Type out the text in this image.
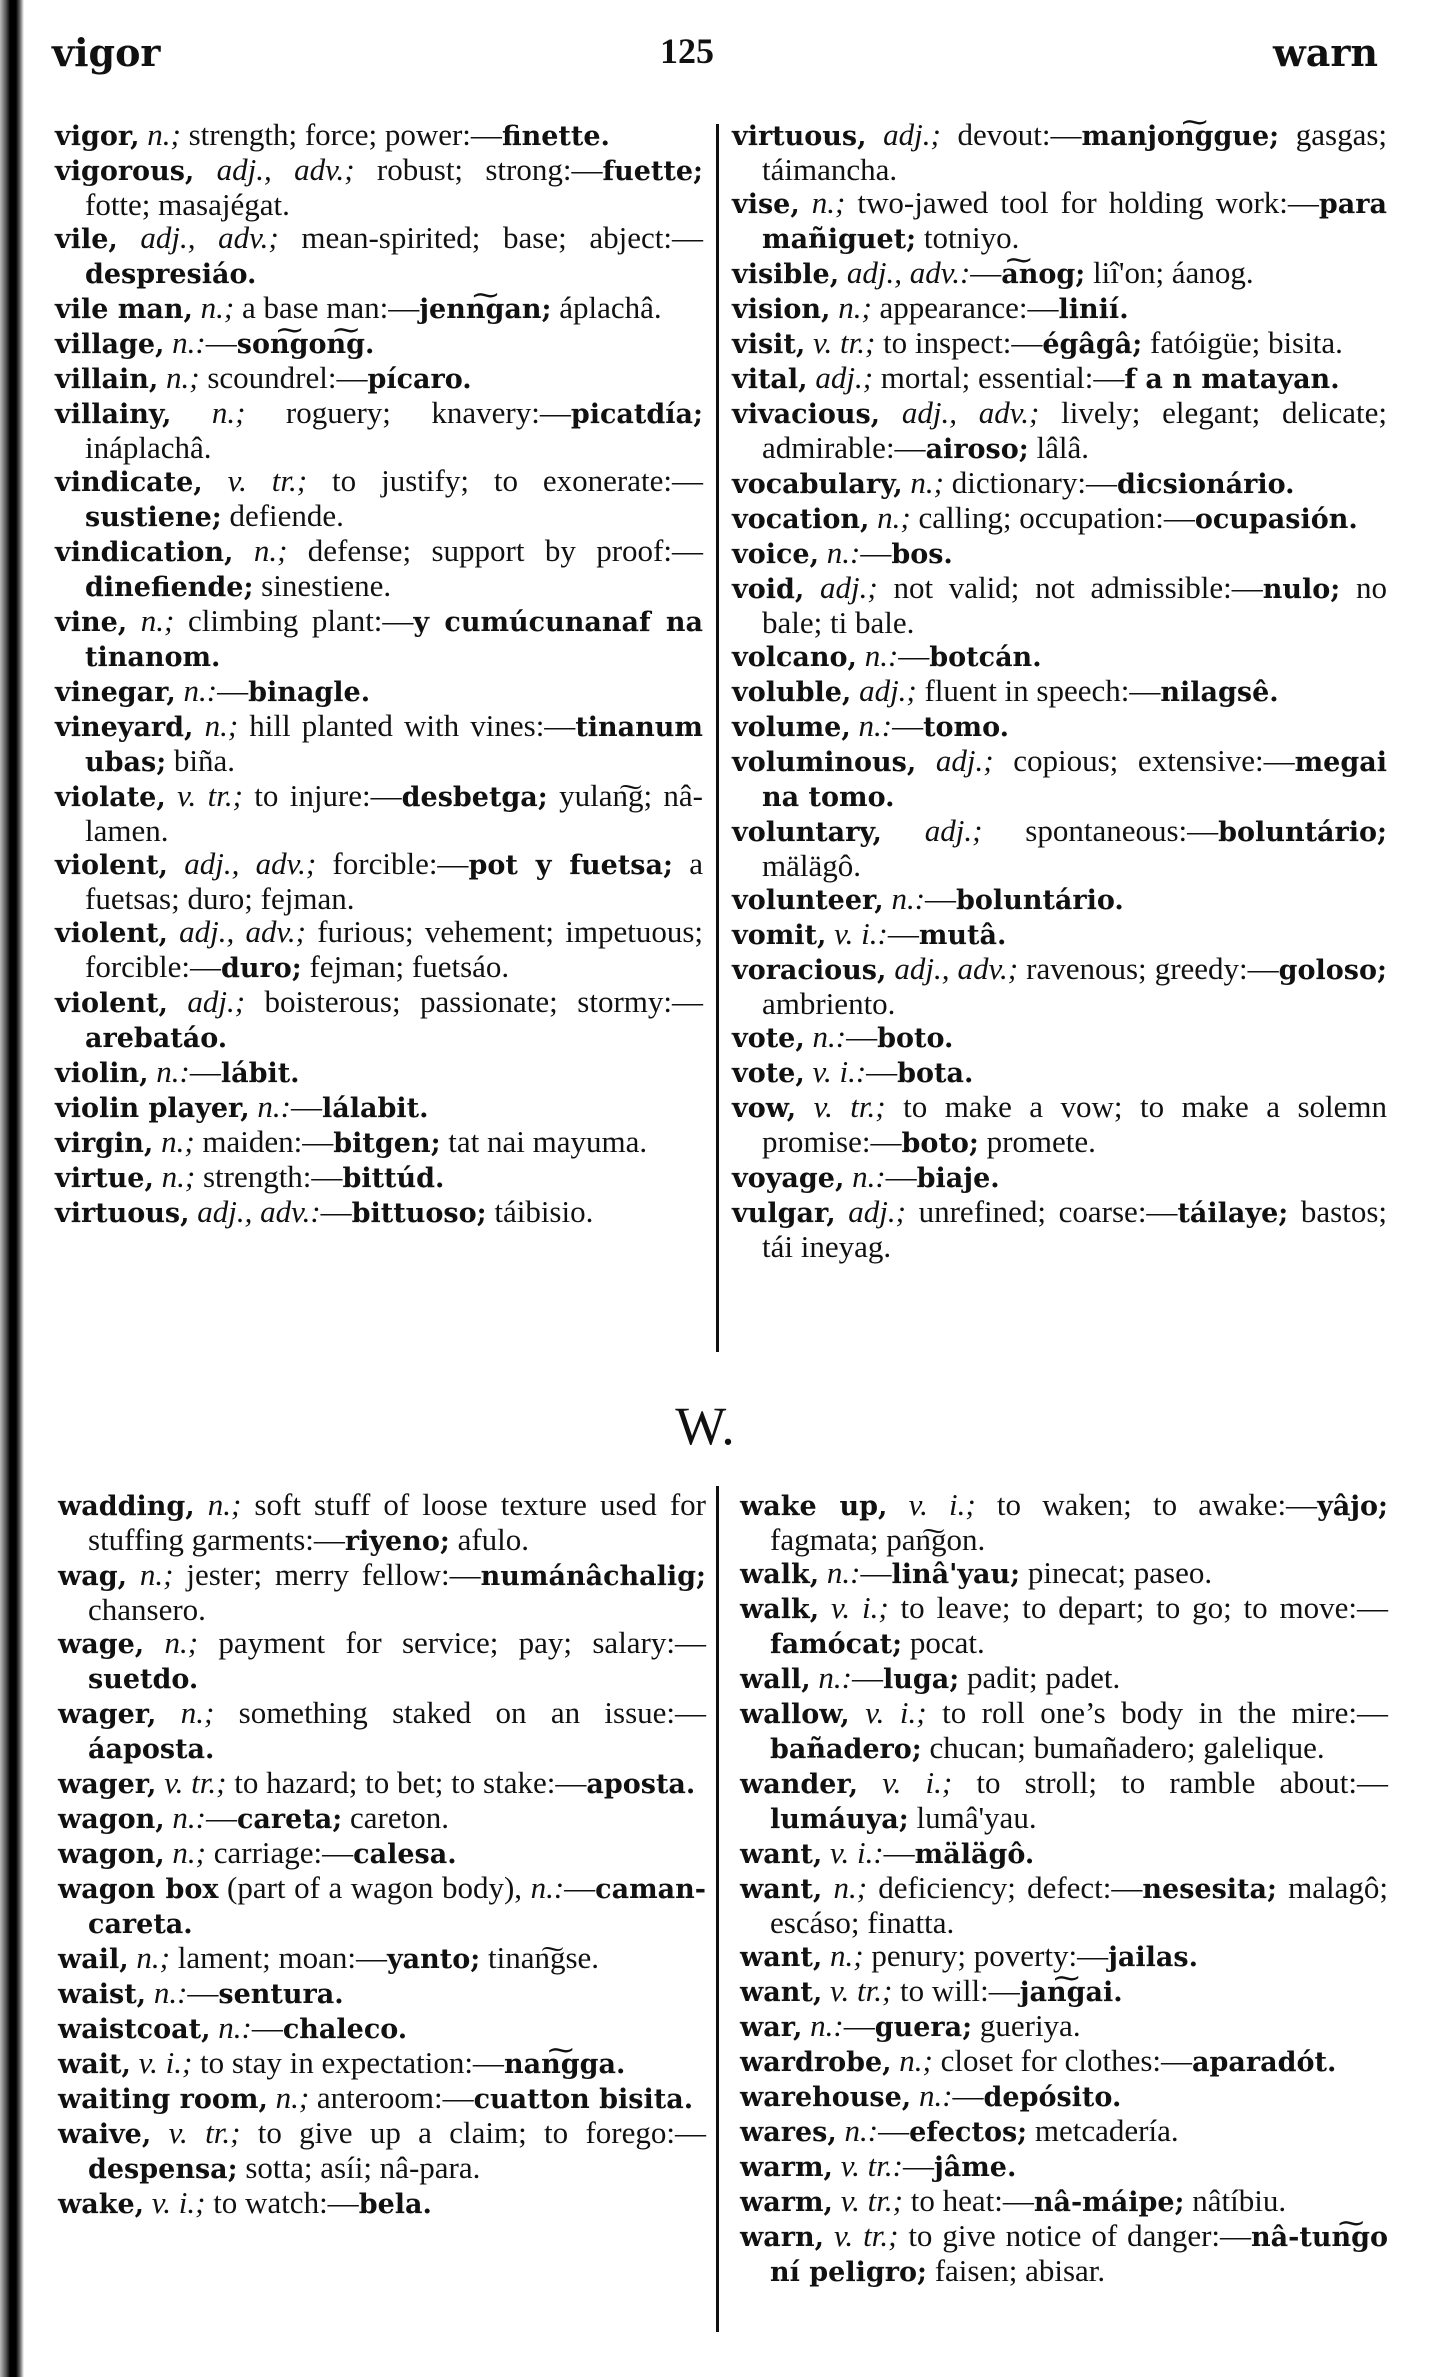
vigor	125	warn

vigor, n.; strength; force; power:—finette.

vigorous, adj., adv.; robust; strong:—fuette; fotte; masajégat.

vile, adj., adv.; mean-spirited; base; abject:—despresiáo.

vile man, n.; a base man:—jenn͠gan; áplachâ.

village, n.:—son͠gon͠g.

villain, n.; scoundrel:—pícaro.

villainy, n.; roguery; knavery:—picatdía; ináplachâ.

vindicate, v. tr.; to justify; to exonerate:—sustiene; defiende.

vindication, n.; defense; support by proof:—dinefiende; sinestiene.

vine, n.; climbing plant:—y cumúcunanaf na tinanom.

vinegar, n.:—binagle.

vineyard, n.; hill planted with vines:—tinanum ubas; biña.

violate, v. tr.; to injure:—desbetga; yulan͠g; nâ-lamen.

violent, adj., adv.; forcible:—pot y fuetsa; a fuetsas; duro; fejman.

violent, adj., adv.; furious; vehement; impetuous; forcible:—duro; fejman; fuetsáo.

violent, adj.; boisterous; passionate; stormy:—arebatáo.

violin, n.:—lábit.

violin player, n.:—lálabit.

virgin, n.; maiden:—bitgen; tat nai mayuma.

virtue, n.; strength:—bittúd.

virtuous, adj., adv.:—bittuoso; táibisio.

virtuous, adj.; devout:—manjon͠ggue; gasgas; táimancha.

vise, n.; two-jawed tool for holding work:—para mañiguet; totniyo.

visible, adj., adv.:—a͠nog; liî'on; áanog.

vision, n.; appearance:—linií.

visit, v. tr.; to inspect:—égâgâ; fatóigüe; bisita.

vital, adj.; mortal; essential:—f a n matayan.

vivacious, adj., adv.; lively; elegant; delicate; admirable:—airoso; lâlâ.

vocabulary, n.; dictionary:—dicsionário.

vocation, n.; calling; occupation:—ocupasión.

voice, n.:—bos.

void, adj.; not valid; not admissible:—nulo; no bale; ti bale.

volcano, n.:—botcán.

voluble, adj.; fluent in speech:—nilagsê.

volume, n.:—tomo.

voluminous, adj.; copious; extensive:—megai na tomo.

voluntary, adj.; spontaneous:—boluntário; mälägô.

volunteer, n.:—boluntário.

vomit, v. i.:—mutâ.

voracious, adj., adv.; ravenous; greedy:—goloso; ambriento.

vote, n.:—boto.

vote, v. i.:—bota.

vow, v. tr.; to make a vow; to make a solemn promise:—boto; promete.

voyage, n.:—biaje.

vulgar, adj.; unrefined; coarse:—táilaye; bastos; tái ineyag.

W.

wadding, n.; soft stuff of loose texture used for stuffing garments:—riyeno; afulo.

wag, n.; jester; merry fellow:—numánâchalig; chansero.

wage, n.; payment for service; pay; salary:—suetdo.

wager, n.; something staked on an issue:—áaposta.

wager, v. tr.; to hazard; to bet; to stake:—aposta.

wagon, n.:—careta; careton.

wagon, n.; carriage:—calesa.

wagon box (part of a wagon body), n.:—caman-careta.

wail, n.; lament; moan:—yanto; tinan͠gse.

waist, n.:—sentura.

waistcoat, n.:—chaleco.

wait, v. i.; to stay in expectation:—nan͠gga.

waiting room, n.; anteroom:—cuatton bisita.

waive, v. tr.; to give up a claim; to forego:—despensa; sotta; asíi; nâ-para.

wake, v. i.; to watch:—bela.

wake up, v. i.; to waken; to awake:—yâjo; fagmata; pan͠gon.

walk, n.:—linâ'yau; pinecat; paseo.

walk, v. i.; to leave; to depart; to go; to move:—famócat; pocat.

wall, n.:—luga; padit; padet.

wallow, v. i.; to roll one’s body in the mire:—bañadero; chucan; bumañadero; galelique.

wander, v. i.; to stroll; to ramble about:—lumáuya; lumâ'yau.

want, v. i.:—mälägô.

want, n.; deficiency; defect:—nesesita; malagô; escáso; finatta.

want, n.; penury; poverty:—jailas.

want, v. tr.; to will:—jan͠gai.

war, n.:—guera; gueriya.

wardrobe, n.; closet for clothes:—aparadót.

warehouse, n.:—depósito.

wares, n.:—efectos; metcadería.

warm, v. tr.:—jâme.

warm, v. tr.; to heat:—nâ-máipe; nâtíbiu.

warn, v. tr.; to give notice of danger:—nâ-tun͠go ní peligro; faisen; abisar.
